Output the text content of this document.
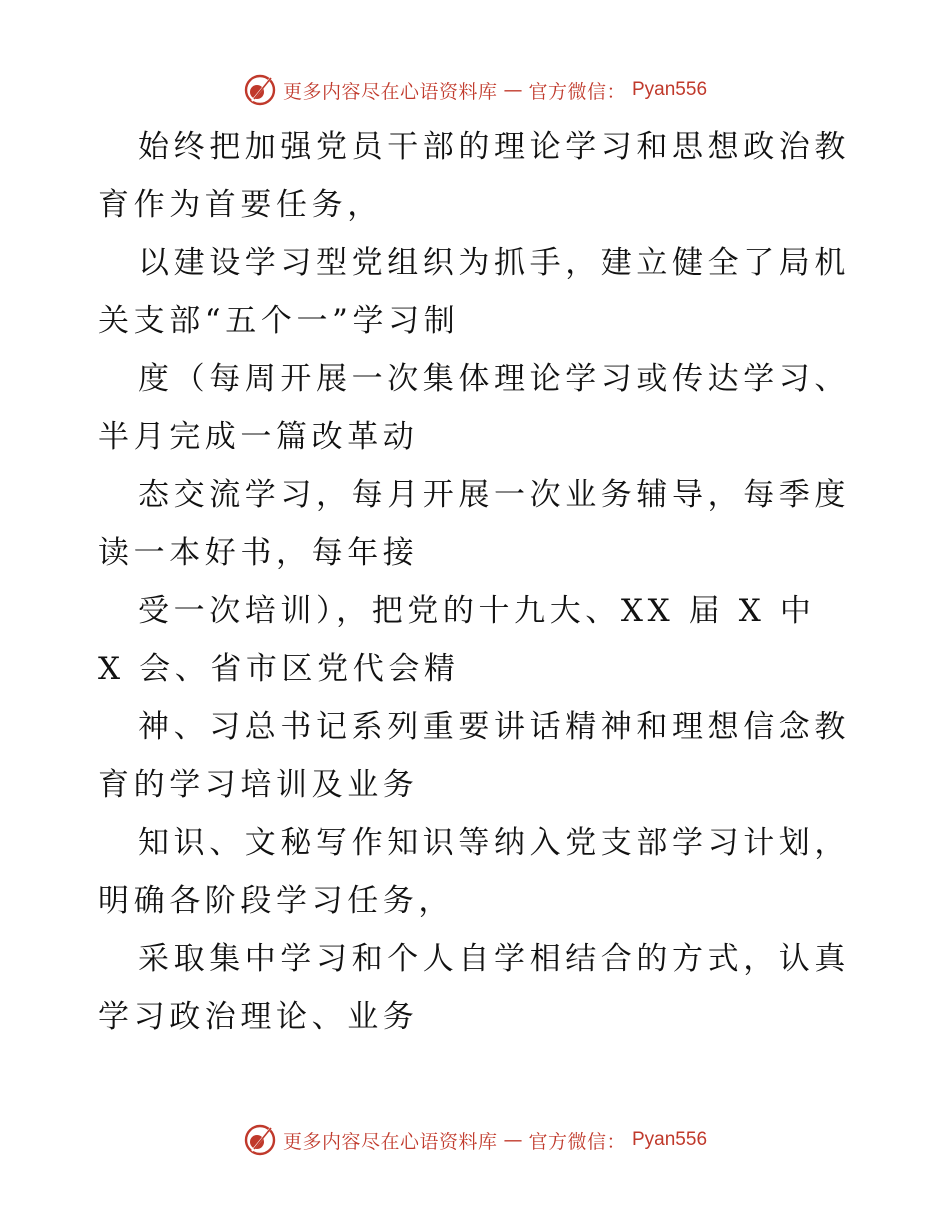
更多内容尽在心语资料库 — 官方微信： Pyan556

始终把加强党员干部的理论学习和思想政治教育作为首要任务，

以建设学习型党组织为抓手，建立健全了局机关支部“五个一”学习制

度（每周开展一次集体理论学习或传达学习、半月完成一篇改革动

态交流学习，每月开展一次业务辅导，每季度读一本好书，每年接

受一次培训），把党的十九大、XX 届 X 中 X 会、省市区党代会精

神、习总书记系列重要讲话精神和理想信念教育的学习培训及业务

知识、文秘写作知识等纳入党支部学习计划，明确各阶段学习任务，

采取集中学习和个人自学相结合的方式，认真学习政治理论、业务

更多内容尽在心语资料库 — 官方微信： Pyan556
